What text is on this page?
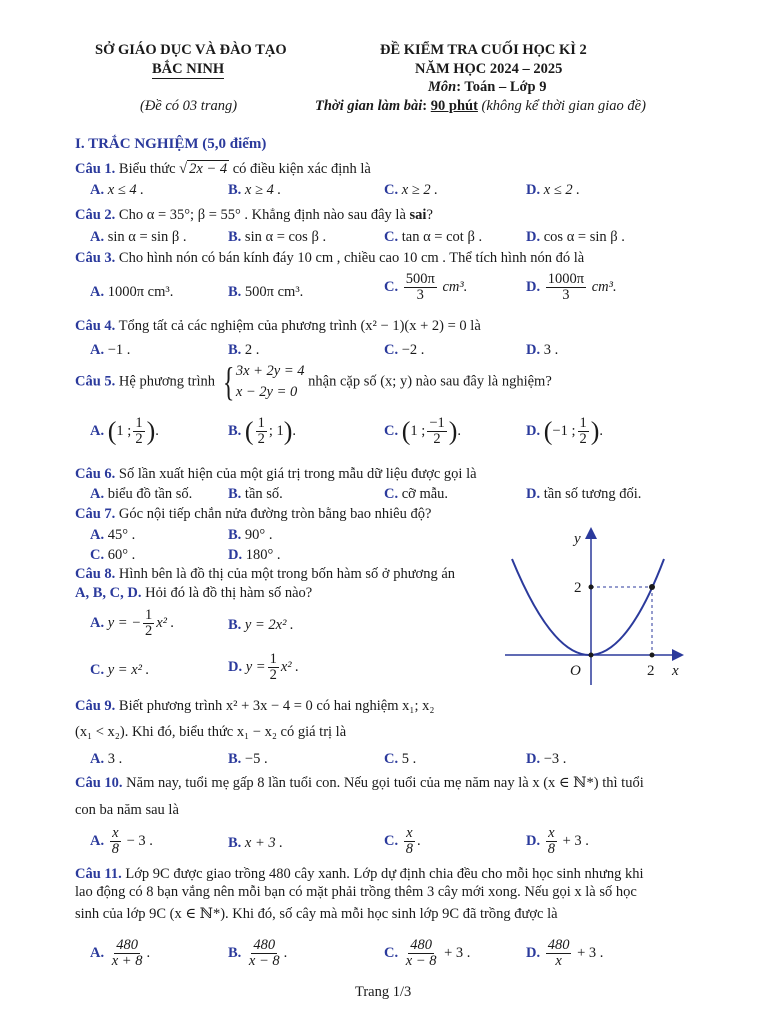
SỞ GIÁO DỤC VÀ ĐÀO TẠO
BẮC NINH
(Đề có 03 trang)
ĐỀ KIỂM TRA CUỐI HỌC KÌ 2
NĂM HỌC 2024 – 2025
Môn: Toán – Lớp 9
Thời gian làm bài: 90 phút (không kể thời gian giao đề)
I. TRẮC NGHIỆM (5,0 điểm)
Câu 1. Biểu thức √ 2x − 4 có điều kiện xác định là
A. x ≤ 4 .	B. x ≥ 4 .	C. x ≥ 2 .	D. x ≤ 2 .
Câu 2. Cho α = 35°; β = 55° . Khẳng định nào sau đây là sai?
A. sin α = sin β .	B. sin α = cos β .	C. tan α = cot β .	D. cos α = sin β .
Câu 3. Cho hình nón có bán kính đáy 10 cm , chiều cao 10 cm . Thể tích hình nón đó là
A. 1000π cm³.	B. 500π cm³.	C. $\frac{500\pi}{3} cm^3$.	D. $\frac{1000\pi}{3} cm^3$.
Câu 4. Tổng tất cả các nghiệm của phương trình (x² − 1)(x + 2) = 0 là
A. −1 .	B. 2 .	C. −2 .	D. 3 .
Câu 5. Hệ phương trình { 3x + 2y = 4
x − 2y = 0
nhận cặp số (x; y) nào sau đây là nghiệm?
A. (1 ; $\frac{1}{2}$ ).	B. ( $\frac{1}{2}$ ; 1).	C. (1 ; $\frac{-1}{2}$ ).	D. (−1 ; $\frac{1}{2}$ ).
Câu 6. Số lần xuất hiện của một giá trị trong mẫu dữ liệu được gọi là
A. biểu đồ tần số. B. tần số.	C. cỡ mẫu.	D. tần số tương đối.
Câu 7. Góc nội tiếp chắn nửa đường tròn bằng bao nhiêu độ?
A. 45° .	B. 90° .
C. 60° .	D. 180° .
Câu 8. Hình bên là đồ thị của một trong bốn hàm số ở phương án
A, B, C, D. Hỏi đó là đồ thị hàm số nào?
A. y = − $\frac{1}{2} x^2$ .	B. y = 2x² .
C. y = x² .	D. $y = \frac{1}{2} x^2$ .
y
x
O	2
2
Câu 9. Biết phương trình x² + 3x − 4 = 0 có hai nghiệm x₁; x₂
(x₁ < x₂). Khi đó, biểu thức x₁ − x₂ có giá trị là
A. 3 .	B. −5 .	C. 5 .	D. −3 .
Câu 10. Năm nay, tuổi mẹ gấp 8 lần tuổi con. Nếu gọi tuổi của mẹ năm nay là x (x ∈ ℕ*) thì tuổi
con ba năm sau là
A. $\frac{x}{8} - 3$ .	B. x + 3 .	C. $\frac{x}{8}$ .	D. $\frac{x}{8} + 3$ .
Câu 11. Lớp 9C được giao trồng 480 cây xanh. Lớp dự định chia đều cho mỗi học sinh nhưng khi
lao động có 8 bạn vắng nên mỗi bạn có mặt phải trồng thêm 3 cây mới xong. Nếu gọi x là số học
sinh của lớp 9C (x ∈ ℕ*). Khi đó, số cây mà mỗi học sinh lớp 9C đã trồng được là
A. $\frac{480}{x + 8}$ .	B. $\frac{480}{x - 8}$ .	C. $\frac{480}{x - 8} + 3$ .	D. $\frac{480}{x} + 3$ .
Trang 1/3
